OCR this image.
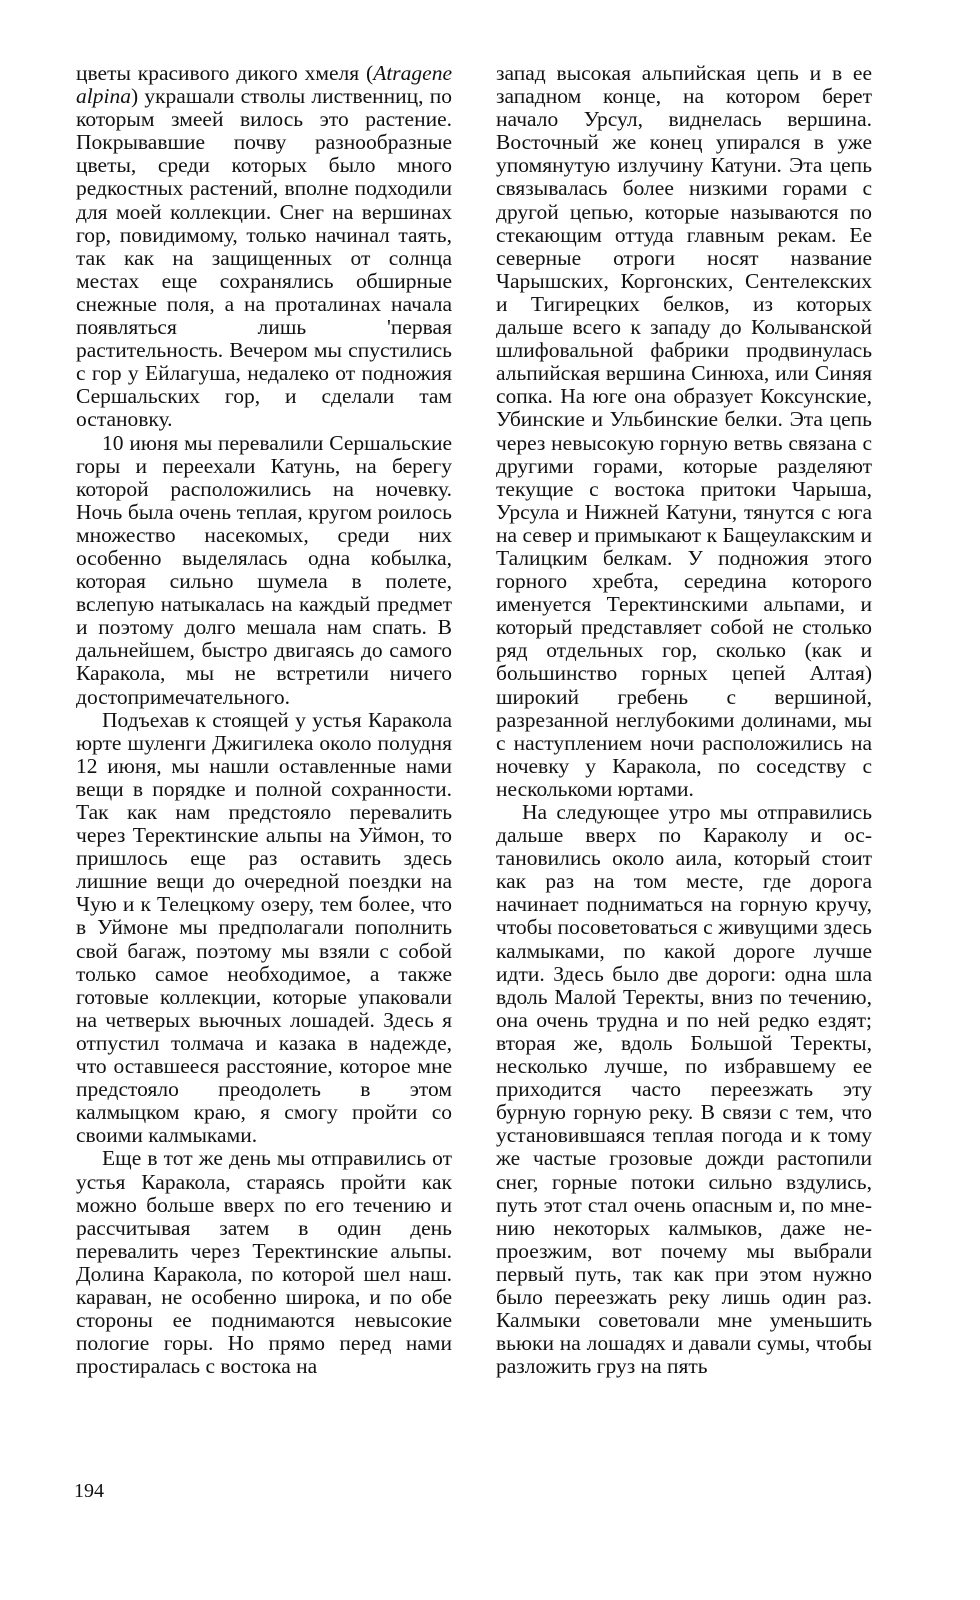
цветы красивого дикого хмеля (Atragene alpina) украшали стволы лиственниц, по которым змеей вилось это растение. Покрывавшие почву разнообразные цветы, среди которых было много редкостных растений, вполне подходили для моей коллекции. Снег на вершинах гор, повидимому, только начинал таять, так как на защищенных от солнца местах еще сохранялись обширные снежные поля, а на проталинах начала появляться лишь 'первая растительность. Вечером мы спустились с гор у Ейлагуша, недалеко от подножия Сершальских гор, и сделали там остановку.

10 июня мы перевалили Сершальские горы и переехали Катунь, на берегу которой расположились на ночевку. Ночь была очень теплая, кругом роилось множество насекомых, среди них особенно выделялась одна кобылка, которая сильно шумела в полете, вслепую натыкалась на каждый предмет и поэтому долго мешала нам спать. В дальнейшем, быстро двигаясь до самого Каракола, мы не встретили ничего достопримечательного.

Подъехав к стоящей у устья Каракола юрте шуленги Джигилека около полудня 12 июня, мы нашли оставленные нами вещи в порядке и полной сохранности. Так как нам предстояло перевалить через Теректинские альпы на Уймон, то пришлось еще раз оставить здесь лишние вещи до очередной поездки на Чую и к Телецкому озеру, тем более, что в Уймоне мы предполагали пополнить свой багаж, поэтому мы взяли с собой только самое необходимое, а также готовые коллекции, которые упаковали на четверых вьючных лошадей. Здесь я отпустил толмача и казака в надежде, что оставшееся расстояние, которое мне предстояло преодолеть в этом калмыцком краю, я смогу пройти со своими калмыками.

Еще в тот же день мы отправились от устья Каракола, стараясь пройти как можно больше вверх по его течению и рассчитывая затем в один день перевалить через Теректинские альпы. Долина Каракола, по которой шел наш. караван, не особенно широка, и по обе стороны ее поднимаются невысокие пологие горы. Но прямо перед нами простиралась с востока на

запад высокая альпийская цепь и в ее западном конце, на котором берет начало Урсул, виднелась вершина. Восточный же конец упирался в уже упомянутую излучину Катуни. Эта цепь связывалась более низкими горами с другой цепью, которые называются по стекающим оттуда главным рекам. Ее северные отроги носят название Чарышских, Коргонских, Сентелекских и Тигирецких белков, из которых дальше всего к западу до Колыванской шлифовальной фабрики продвинулась альпийская вершина Синюха, или Синяя сопка. На юге она образует Коксунские, Убинские и Ульбинские белки. Эта цепь через невысокую горную ветвь связана с другими горами, которые разделяют текущие с востока притоки Чарыша, Урсула и Нижней Катуни, тянутся с юга на север и примыкают к Бащеулакским и Талицким белкам. У подножия этого горного хребта, середина которого именуется Теректинскими альпами, и который представляет собой не столько ряд отдельных гор, сколько (как и большинство горных цепей Алтая) широкий гребень с вершиной, разрезанной неглубокими долинами, мы с наступлением ночи расположились на ночевку у Каракола, по соседству с несколькоми юртами.

На следующее утро мы отправились дальше вверх по Караколу и остановились около аила, который стоит как раз на том месте, где дорога начинает подниматься на горную кручу, чтобы посоветоваться с живущими здесь калмыками, по какой дороге лучше идти. Здесь было две дороги: одна шла вдоль Малой Теректы, вниз по течению, она очень трудна и по ней редко ездят; вторая же, вдоль Большой Теректы, несколько лучше, по избравшему ее приходится часто переезжать эту бурную горную реку. В связи с тем, что установившаяся теплая погода и к тому же частые грозовые дожди растопили снег, горные потоки сильно вздулись, путь этот стал очень опасным и, по мнению некоторых калмыков, даже непроезжим, вот почему мы выбрали первый путь, так как при этом нужно было переезжать реку лишь один раз. Калмыки советовали мне уменьшить вьюки на лошадях и давали сумы, чтобы разложить груз на пять

194
